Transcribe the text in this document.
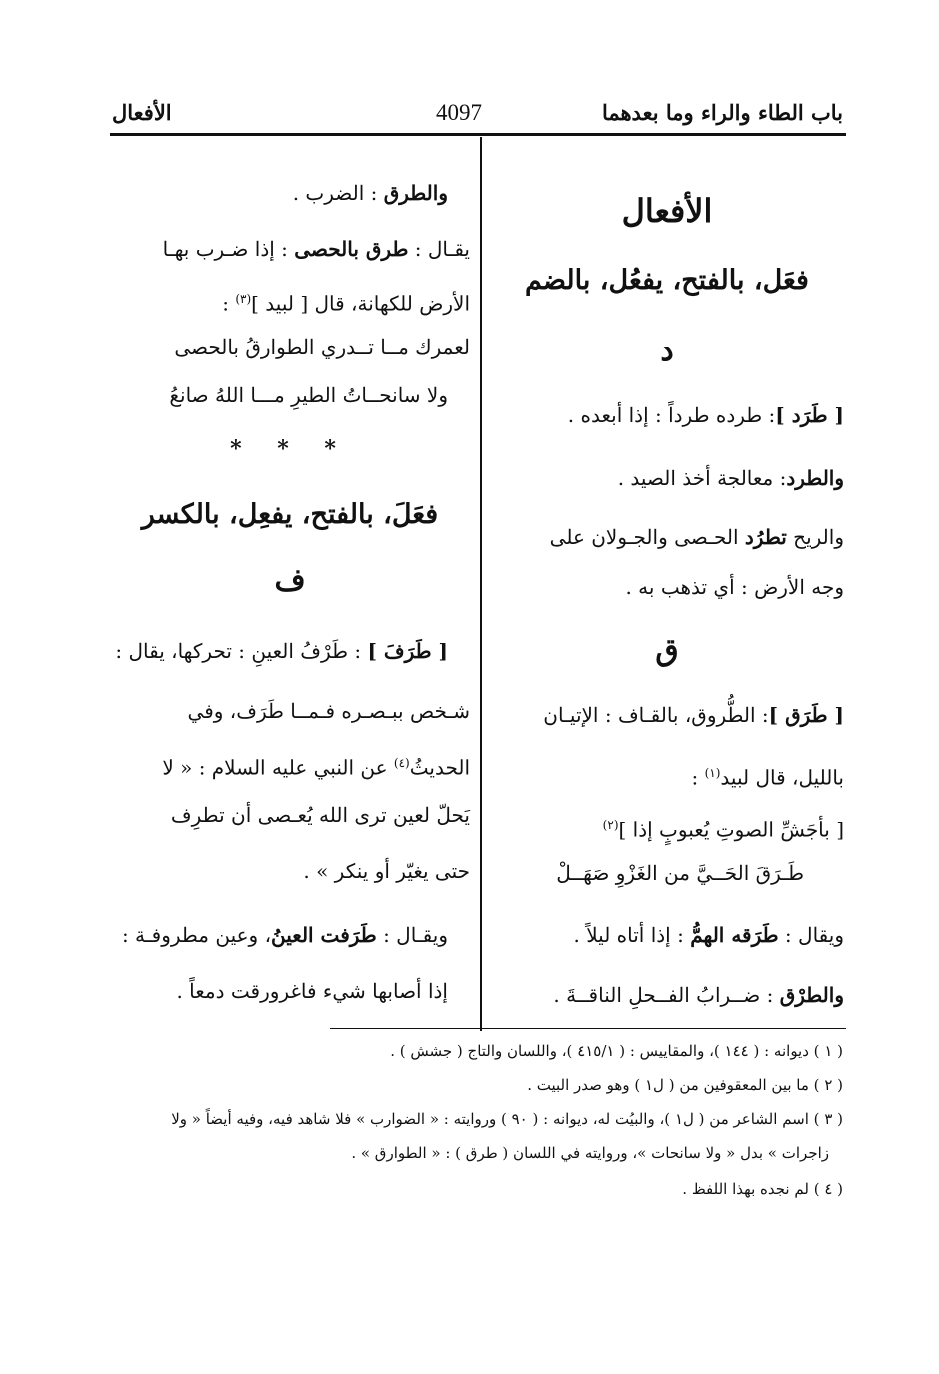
باب الطاء والراء وما بعدهما
4097
الأفعال
الأفعال
فعَل، بالفتح، يفعُل، بالضم
د
[ طَرَد ]: طرده طرداً : إذا أبعده .
والطرد: معالجة أخذ الصيد .
والريح تطرُد الحـصى والجـولان على
وجه الأرض : أي تذهب به .
ق
[ طَرَق ]: الطُّروق، بالقـاف : الإتيـان
بالليل، قال لبيد$^{(١)}$ :
[ بأجَشِّ الصوتِ يُعبوبٍ إذا ]$^{(٢)}$
طَـرَقَ الحَــيَّ من الغَزْوِ صَهَــلْ
ويقال : طَرَقه الهمُّ : إذا أتاه ليلاً .
والطرْق : ضــرابُ الفــحلِ الناقــةَ .
والطرق : الضرب .
يقـال : طرق بالحصى : إذا ضـرب بهـا
الأرض للكهانة، قال [ لبيد ]$^{(٣)}$ :
لعمرك مــا تــدري الطوارقُ بالحصى
ولا سانحــاتُ الطيرِ مـــا اللهُ صانعُ
* * *
فعَلَ، بالفتح، يفعِل، بالكسر
ف
[ طَرَفَ ] : طَرْفُ العينِ : تحركها، يقال :
شـخص ببـصـره فـمــا طَرَف، وفي
الحديثُ$^{(٤)}$ عن النبي عليه السلام : « لا
يَحلّ لعين ترى الله يُعـصى أن تطرِف
حتى يغيّر أو ينكر » .
ويقـال : طَرَفت العينُ، وعين مطروفـة :
إذا أصابها شيء فاغرورقت دمعاً .
( ١ ) ديوانه : ( ١٤٤ )، والمقاييس : ( ٤١٥/١ )، واللسان والتاج ( جشش ) .
( ٢ ) ما بين المعقوفين من ( ل١ ) وهو صدر البيت .
( ٣ ) اسم الشاعر من ( ل١ )، والبيُت له، ديوانه : ( ٩٠ ) وروايته : « الضوارب » فلا شاهد فيه، وفيه أيضاً « ولا
زاجرات » بدل « ولا سانحات »، وروايته في اللسان ( طرق ) : « الطوارق » .
( ٤ ) لم نجده بهذا اللفظ .
